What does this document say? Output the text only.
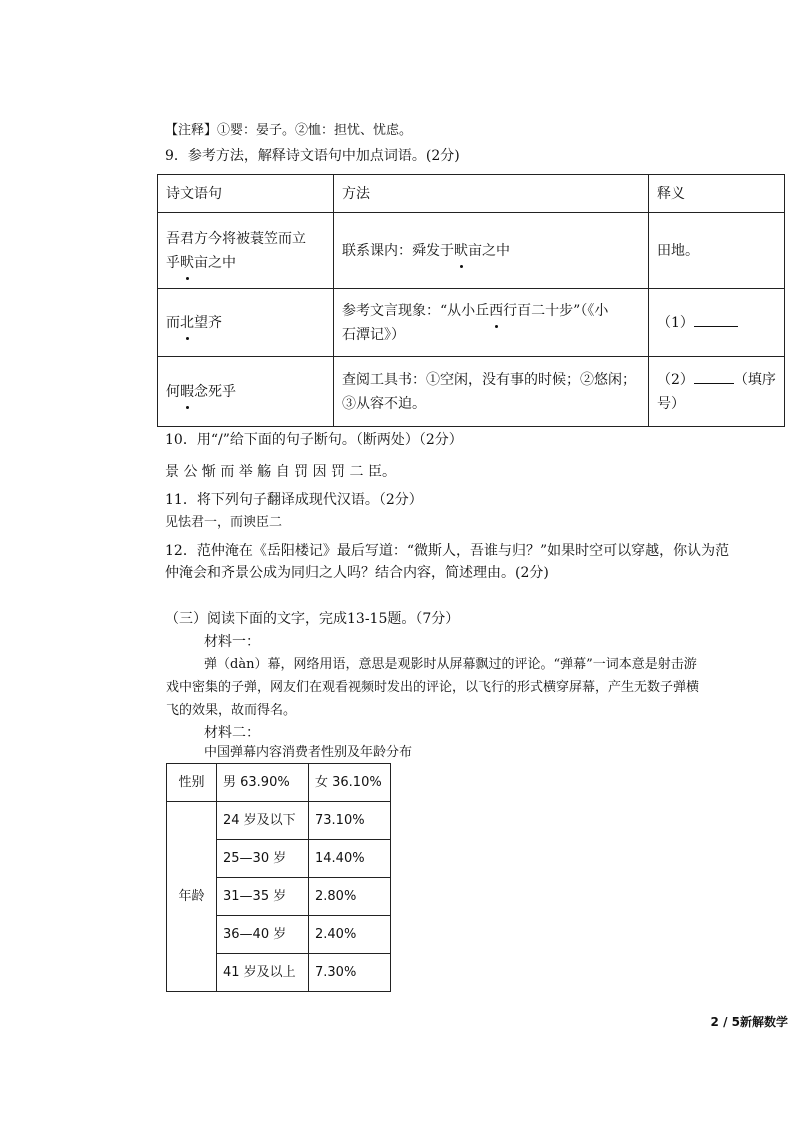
【注释】①婴：晏子。②恤：担忧、忧虑。
9．参考方法，解释诗文语句中加点词语。(2分)
诗文语句	方法	释义
吾君方今将被蓑笠而立
乎畎亩之中	联系课内：舜发于畎亩之中	田地。
而北望齐	参考文言现象：“从小丘西行百二十步”（《小
石潭记》）	（1）
何暇念死乎	查阅工具书：①空闲，没有事的时候；②悠闲；
③从容不迫。	（2） （填序
号）
10．用“/”给下面的句子断句。（断两处）（2分）
景 公 惭 而 举 觞 自 罚 因 罚 二 臣。
11．将下列句子翻译成现代汉语。（2分）
见怯君一，而谀臣二
12．范仲淹在《岳阳楼记》最后写道：“微斯人，吾谁与归？”如果时空可以穿越，你认为范
仲淹会和齐景公成为同归之人吗？结合内容，简述理由。(2分)
（三）阅读下面的文字，完成13-15题。（7分）
材料一：
弹（dàn）幕，网络用语，意思是观影时从屏幕飘过的评论。“弹幕”一词本意是射击游
戏中密集的子弹，网友们在观看视频时发出的评论，以飞行的形式横穿屏幕，产生无数子弹横
飞的效果，故而得名。
材料二：
中国弹幕内容消费者性别及年龄分布
性别	男 63.90%	女 36.10%
年龄	24 岁及以下	73.10%
	25—30 岁	14.40%
	31—35 岁	2.80%
	36—40 岁	2.40%
	41 岁及以上	7.30%
2 / 5新解数学
